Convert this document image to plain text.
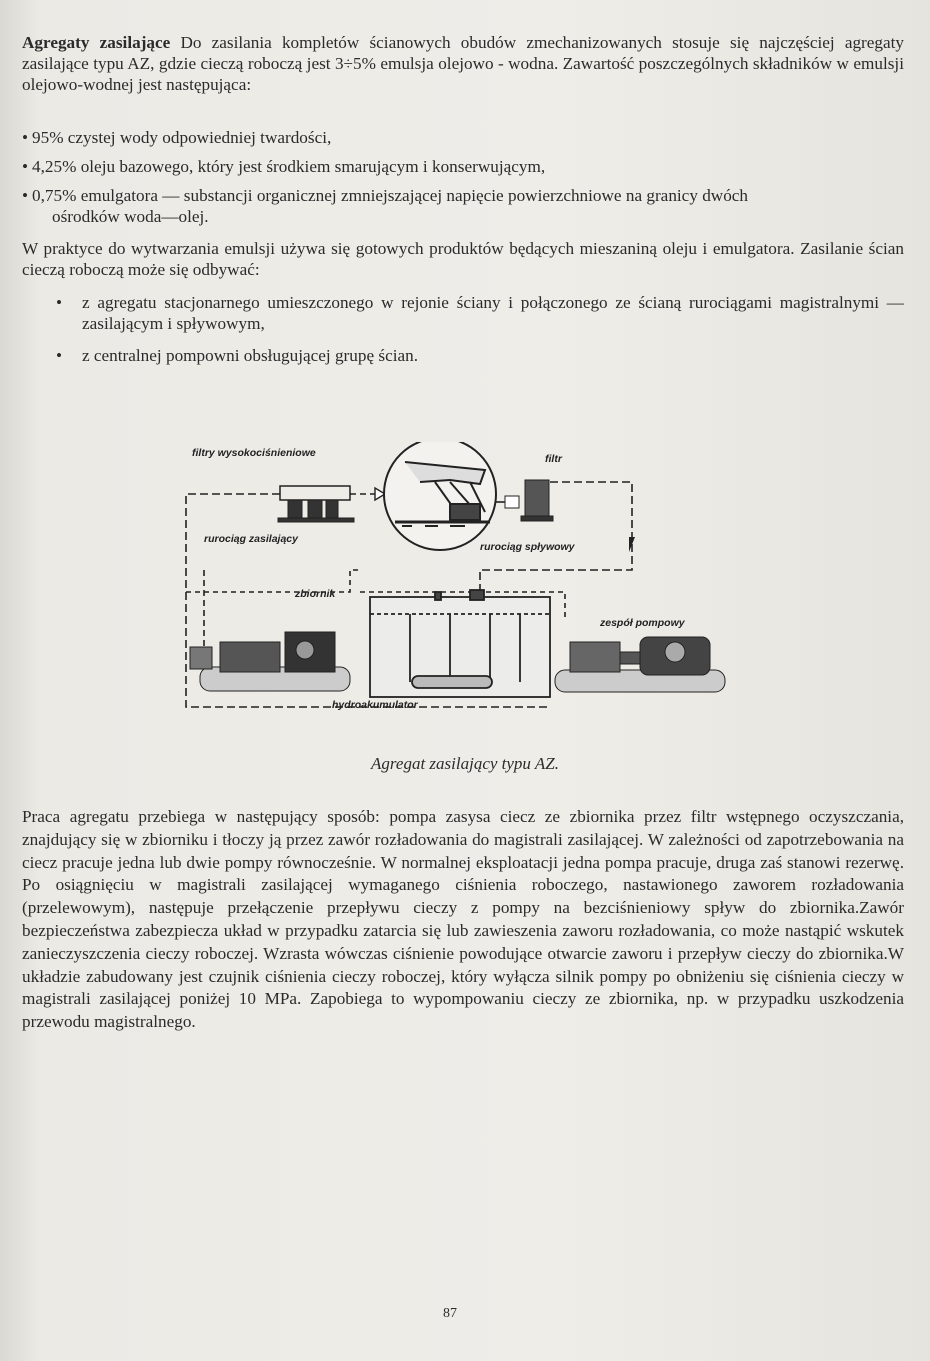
Agregaty zasilające Do zasilania kompletów ścianowych obudów zmechanizowanych stosuje się najczęściej agregaty zasilające typu AZ, gdzie cieczą roboczą jest 3÷5% emulsja olejowo - wodna. Zawartość poszczególnych składników w emulsji olejowo-wodnej jest następująca:
• 95% czystej wody odpowiedniej twardości,
• 4,25% oleju bazowego, który jest środkiem smarującym i konserwującym,
• 0,75% emulgatora — substancji organicznej zmniejszającej napięcie powierzchniowe na granicy dwóch
ośrodków woda—olej.
W praktyce do wytwarzania emulsji używa się gotowych produktów będących mieszaniną oleju i emulgatora. Zasilanie ścian cieczą roboczą może się odbywać:
•	z agregatu stacjonarnego umieszczonego w rejonie ściany i połączonego ze ścianą rurociągami magistralnymi — zasilającym i spływowym,
•	z centralnej pompowni obsługującej grupę ścian.
filtry wysokociśnieniowe	filtr
rurociąg zasilający
rurociąg spływowy
zbiornik
zespół pompowy
hydroakumulator
Agregat zasilający typu AZ.
Praca agregatu przebiega w następujący sposób: pompa zasysa ciecz ze zbiornika przez filtr wstępnego oczyszczania, znajdujący się w zbiorniku i tłoczy ją przez zawór rozładowania do magistrali zasilającej. W zależności od zapotrzebowania na ciecz pracuje jedna lub dwie pompy równocześnie. W normalnej eksploatacji jedna pompa pracuje, druga zaś stanowi rezerwę. Po osiągnięciu w magistrali zasilającej wymaganego ciśnienia roboczego, nastawionego zaworem rozładowania (przelewowym), następuje przełączenie przepływu cieczy z pompy na bezciśnieniowy spływ do zbiornika.Zawór bezpieczeństwa zabezpiecza układ w przypadku zatarcia się lub zawieszenia zaworu rozładowania, co może nastąpić wskutek zanieczyszczenia cieczy roboczej. Wzrasta wówczas ciśnienie powodujące otwarcie zaworu i przepływ cieczy do zbiornika.W układzie zabudowany jest czujnik ciśnienia cieczy roboczej, który wyłącza silnik pompy po obniżeniu się ciśnienia cieczy w magistrali zasilającej poniżej 10 MPa. Zapobiega to wypompowaniu cieczy ze zbiornika, np. w przypadku uszkodzenia przewodu magistralnego.
87
